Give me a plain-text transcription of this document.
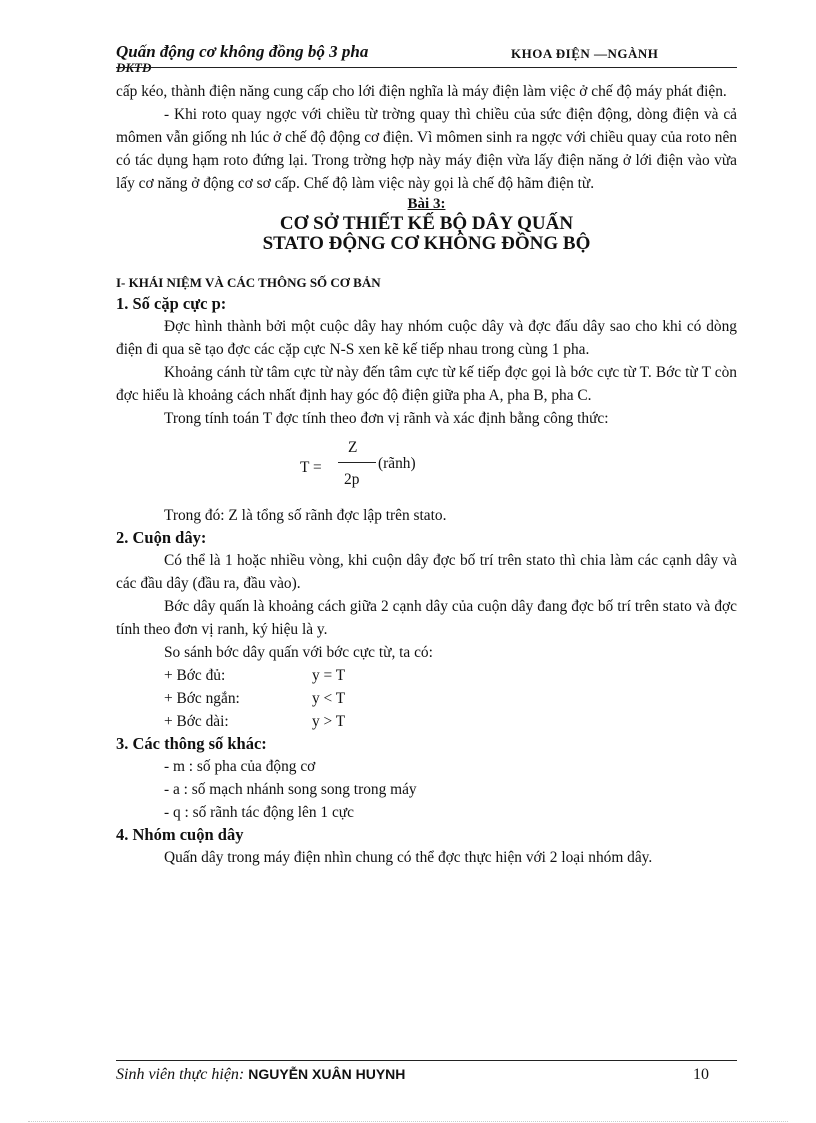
Quấn động cơ không đồng bộ 3 pha	KHOA ĐIỆN —NGÀNH
ĐKTĐ

cấp kéo, thành điện năng cung cấp cho lới điện nghĩa là máy điện làm việc ở chế độ máy phát điện.

- Khi roto quay ngợc với chiều từ trờng quay thì chiều của sức điện động, dòng điện và cả mômen vẫn giống nh lúc ở chế độ động cơ điện. Vì mômen sinh ra ngợc với chiều quay của roto nên có tác dụng hạm roto đứng lại. Trong trờng hợp này máy điện vừa lấy điện năng ở lới điện vào vừa lấy cơ năng ở động cơ sơ cấp. Chế độ làm việc này gọi là chế độ hãm điện từ.

Bài 3:
CƠ SỞ THIẾT KẾ BỘ DÂY QUẤN
STATO ĐỘNG CƠ KHÔNG ĐỒNG BỘ
I- KHÁI NIỆM VÀ CÁC THÔNG SỐ CƠ BẢN
1. Số cặp cực p:

Đợc hình thành bởi một cuộc dây hay nhóm cuộc dây và đợc đấu dây sao cho khi có dòng điện đi qua sẽ tạo đợc các cặp cực N-S xen kẽ kế tiếp nhau trong cùng 1 pha.

Khoảng cánh từ tâm cực từ này đến tâm cực từ kế tiếp đợc gọi là bớc cực từ T. Bớc từ T còn đợc hiểu là khoảng cách nhất định hay góc độ điện giữa pha A, pha B, pha C.

Trong tính toán T đợc tính theo đơn vị rãnh và xác định bằng công thức:

T =
Z
2p
(rãnh)

Trong đó: Z là tổng số rãnh đợc lập trên stato.

2. Cuộn dây:

Có thể là 1 hoặc nhiều vòng, khi cuộn dây đợc bố trí trên stato thì chia làm các cạnh dây và các đầu dây (đầu ra, đầu vào).

Bớc dây quấn là khoảng cách giữa 2 cạnh dây của cuộn dây đang đợc bố trí trên stato và đợc tính theo đơn vị ranh, ký hiệu là y.

So sánh bớc dây quấn với bớc cực từ, ta có:

+ Bớc đủ:	y = T
+ Bớc ngắn:	y < T
+ Bớc dài:	y > T
3. Các thông số khác:
- m : số pha của động cơ
- a : số mạch nhánh song song trong máy
- q : số rãnh tác động lên 1 cực
4. Nhóm cuộn dây

Quấn dây trong máy điện nhìn chung có thể đợc thực hiện với 2 loại nhóm dây.

Sinh viên thực hiện: NGUYỄN XUÂN HUYNH	10
